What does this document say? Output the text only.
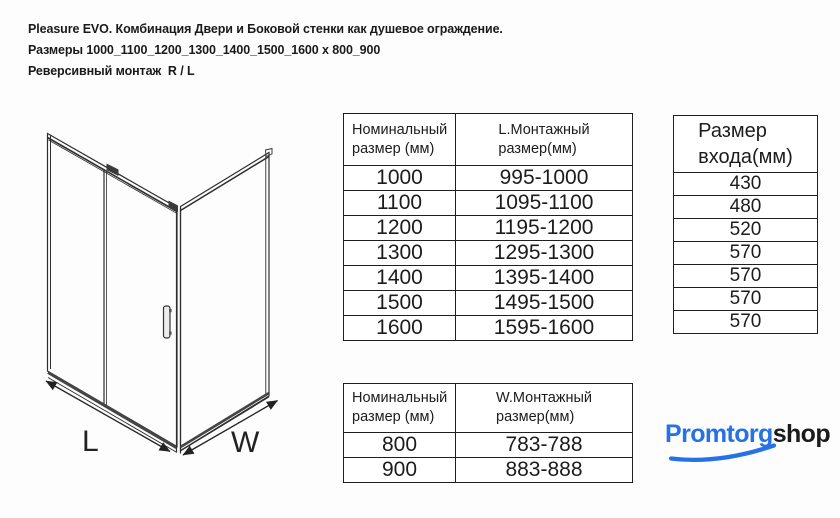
Pleasure EVO. Комбинация Двери и Боковой стенки как душевое ограждение.
Размеры 1000_1100_1200_1300_1400_1500_1600 x 800_900
Реверсивный монтаж  R / L
L	W
Номинальный
размер (мм)	L.Монтажный
размер(мм)

1000	995-1000
1100	1095-1100
1200	1195-1200
1300	1295-1300
1400	1395-1400
1500	1495-1500
1600	1595-1600
Размер
входа(мм)

430
480
520
570
570
570
570
Номинальный
размер (мм)	W.Монтажный
размер(мм)

800	783-788
900	883-888
Promtorgshop
